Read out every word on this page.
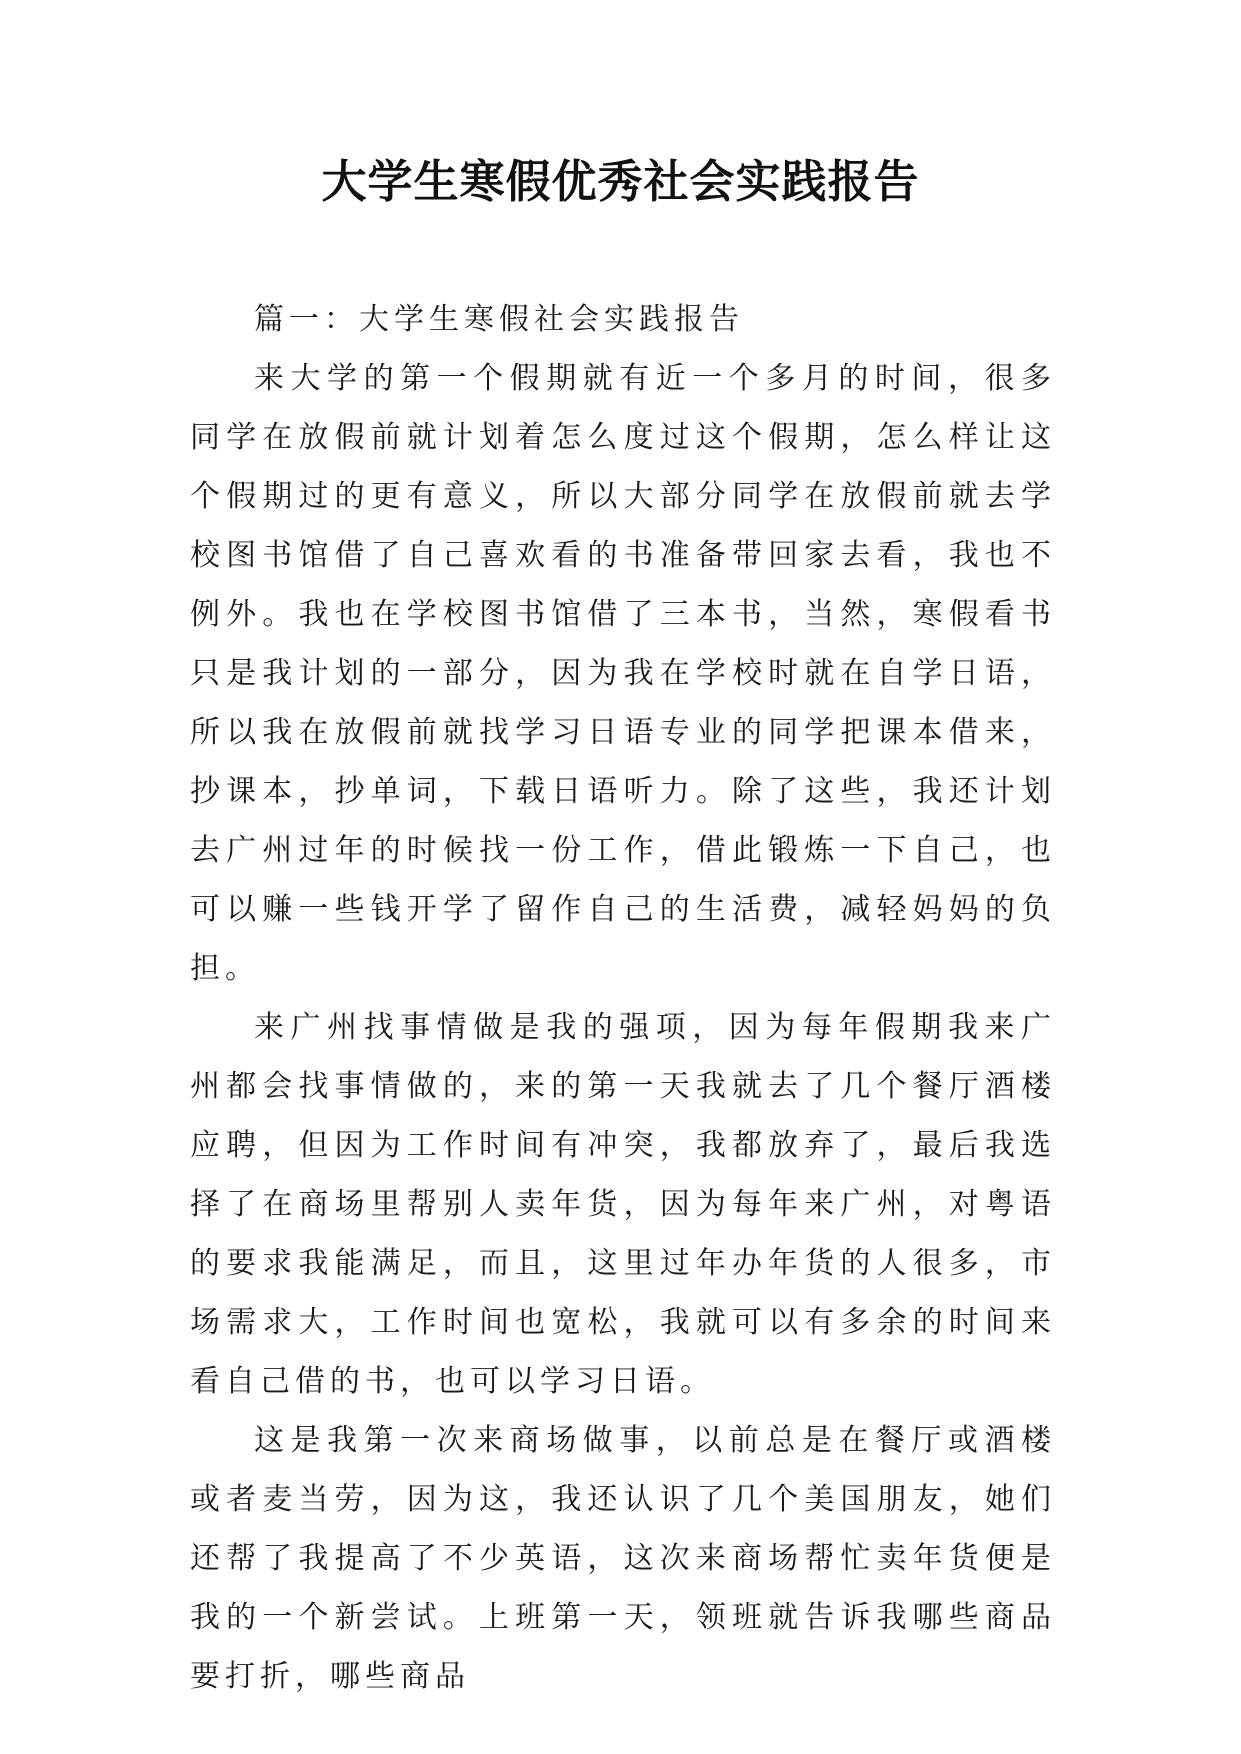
大学生寒假优秀社会实践报告

篇一：大学生寒假社会实践报告

来大学的第一个假期就有近一个多月的时间，很多同学在放假前就计划着怎么度过这个假期，怎么样让这个假期过的更有意义，所以大部分同学在放假前就去学校图书馆借了自己喜欢看的书准备带回家去看，我也不例外。我也在学校图书馆借了三本书，当然，寒假看书只是我计划的一部分，因为我在学校时就在自学日语，所以我在放假前就找学习日语专业的同学把课本借来，抄课本，抄单词，下载日语听力。除了这些，我还计划去广州过年的时候找一份工作，借此锻炼一下自己，也可以赚一些钱开学了留作自己的生活费，减轻妈妈的负担。

来广州找事情做是我的强项，因为每年假期我来广州都会找事情做的，来的第一天我就去了几个餐厅酒楼应聘，但因为工作时间有冲突，我都放弃了，最后我选择了在商场里帮别人卖年货，因为每年来广州，对粤语的要求我能满足，而且，这里过年办年货的人很多，市场需求大，工作时间也宽松，我就可以有多余的时间来看自己借的书，也可以学习日语。

这是我第一次来商场做事，以前总是在餐厅或酒楼或者麦当劳，因为这，我还认识了几个美国朋友，她们还帮了我提高了不少英语，这次来商场帮忙卖年货便是我的一个新尝试。上班第一天，领班就告诉我哪些商品要打折，哪些商品
